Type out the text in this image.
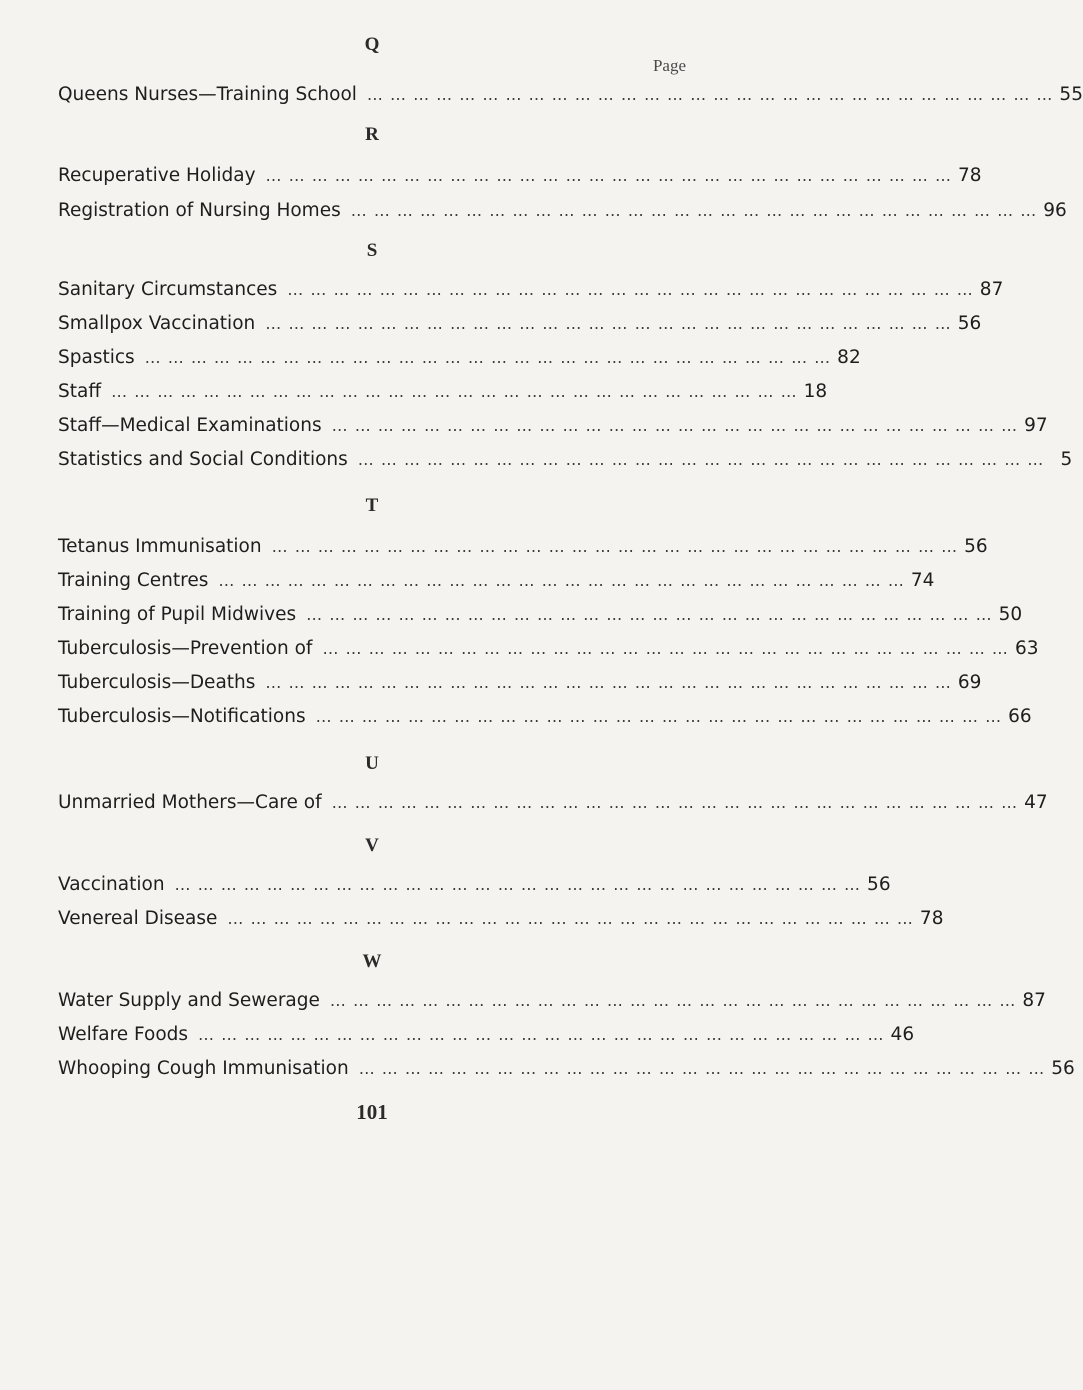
Page
Q
Queens Nurses—Training School … … … … … … … … … … … … … … … … … … … … … … … … … … … … … … 55
R
Recuperative Holiday … … … … … … … … … … … … … … … … … … … … … … … … … … … … … … 78
Registration of Nursing Homes … … … … … … … … … … … … … … … … … … … … … … … … … … … … … … 96
S
Sanitary Circumstances … … … … … … … … … … … … … … … … … … … … … … … … … … … … … … 87
Smallpox Vaccination … … … … … … … … … … … … … … … … … … … … … … … … … … … … … … 56
Spastics … … … … … … … … … … … … … … … … … … … … … … … … … … … … … … 82
Staff … … … … … … … … … … … … … … … … … … … … … … … … … … … … … … 18
Staff—Medical Examinations … … … … … … … … … … … … … … … … … … … … … … … … … … … … … … 97
Statistics and Social Conditions … … … … … … … … … … … … … … … … … … … … … … … … … … … … … … 5
T
Tetanus Immunisation … … … … … … … … … … … … … … … … … … … … … … … … … … … … … … 56
Training Centres … … … … … … … … … … … … … … … … … … … … … … … … … … … … … … 74
Training of Pupil Midwives … … … … … … … … … … … … … … … … … … … … … … … … … … … … … … 50
Tuberculosis—Prevention of … … … … … … … … … … … … … … … … … … … … … … … … … … … … … … 63
Tuberculosis—Deaths … … … … … … … … … … … … … … … … … … … … … … … … … … … … … … 69
Tuberculosis—Notifications … … … … … … … … … … … … … … … … … … … … … … … … … … … … … … 66
U
Unmarried Mothers—Care of … … … … … … … … … … … … … … … … … … … … … … … … … … … … … … 47
V
Vaccination … … … … … … … … … … … … … … … … … … … … … … … … … … … … … … 56
Venereal Disease … … … … … … … … … … … … … … … … … … … … … … … … … … … … … … 78
W
Water Supply and Sewerage … … … … … … … … … … … … … … … … … … … … … … … … … … … … … … 87
Welfare Foods … … … … … … … … … … … … … … … … … … … … … … … … … … … … … … 46
Whooping Cough Immunisation … … … … … … … … … … … … … … … … … … … … … … … … … … … … … … 56
101
